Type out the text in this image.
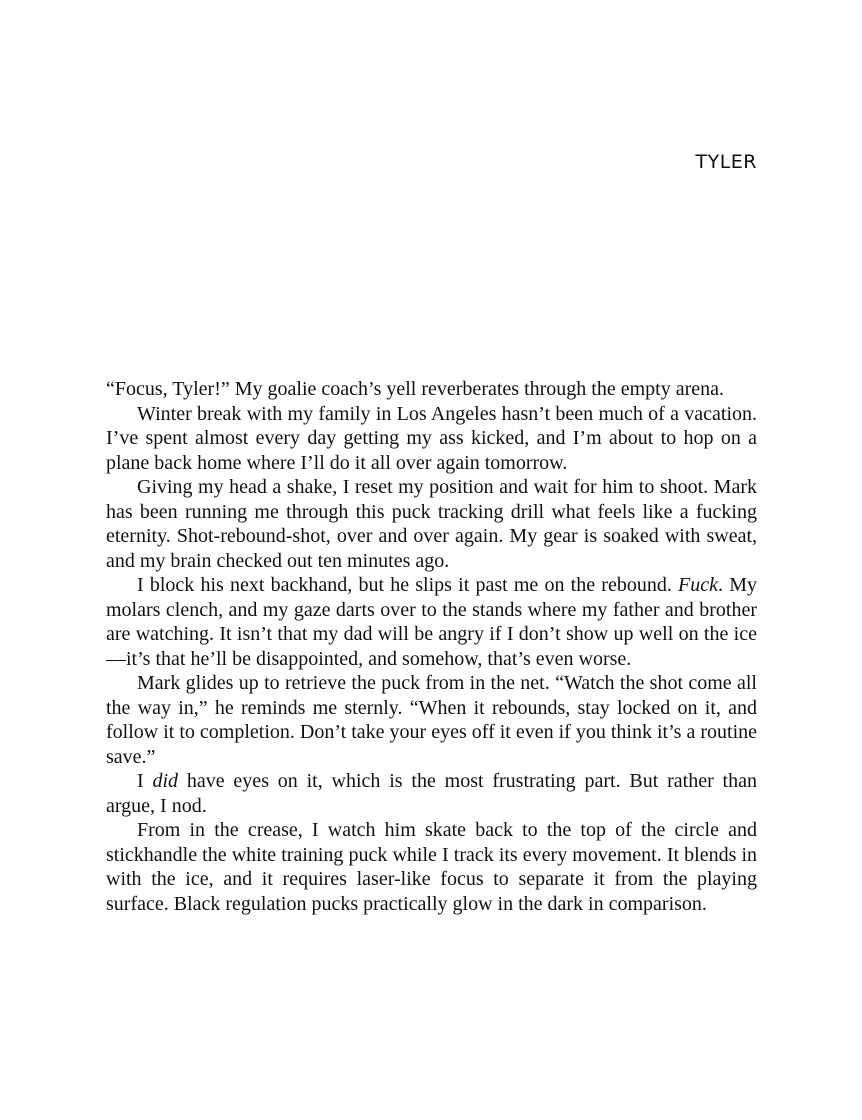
TYLER

“Focus, Tyler!” My goalie coach’s yell reverberates through the empty arena.

Winter break with my family in Los Angeles hasn’t been much of a vacation. I’ve spent almost every day getting my ass kicked, and I’m about to hop on a plane back home where I’ll do it all over again tomorrow.

Giving my head a shake, I reset my position and wait for him to shoot. Mark has been running me through this puck tracking drill what feels like a fucking eternity. Shot-rebound-shot, over and over again. My gear is soaked with sweat, and my brain checked out ten minutes ago.

I block his next backhand, but he slips it past me on the rebound. Fuck. My molars clench, and my gaze darts over to the stands where my father and brother are watching. It isn’t that my dad will be angry if I don’t show up well on the ice—it’s that he’ll be disappointed, and somehow, that’s even worse.

Mark glides up to retrieve the puck from in the net. “Watch the shot come all the way in,” he reminds me sternly. “When it rebounds, stay locked on it, and follow it to completion. Don’t take your eyes off it even if you think it’s a routine save.”

I did have eyes on it, which is the most frustrating part. But rather than argue, I nod.

From in the crease, I watch him skate back to the top of the circle and stickhandle the white training puck while I track its every movement. It blends in with the ice, and it requires laser-like focus to separate it from the playing surface. Black regulation pucks practically glow in the dark in comparison.
